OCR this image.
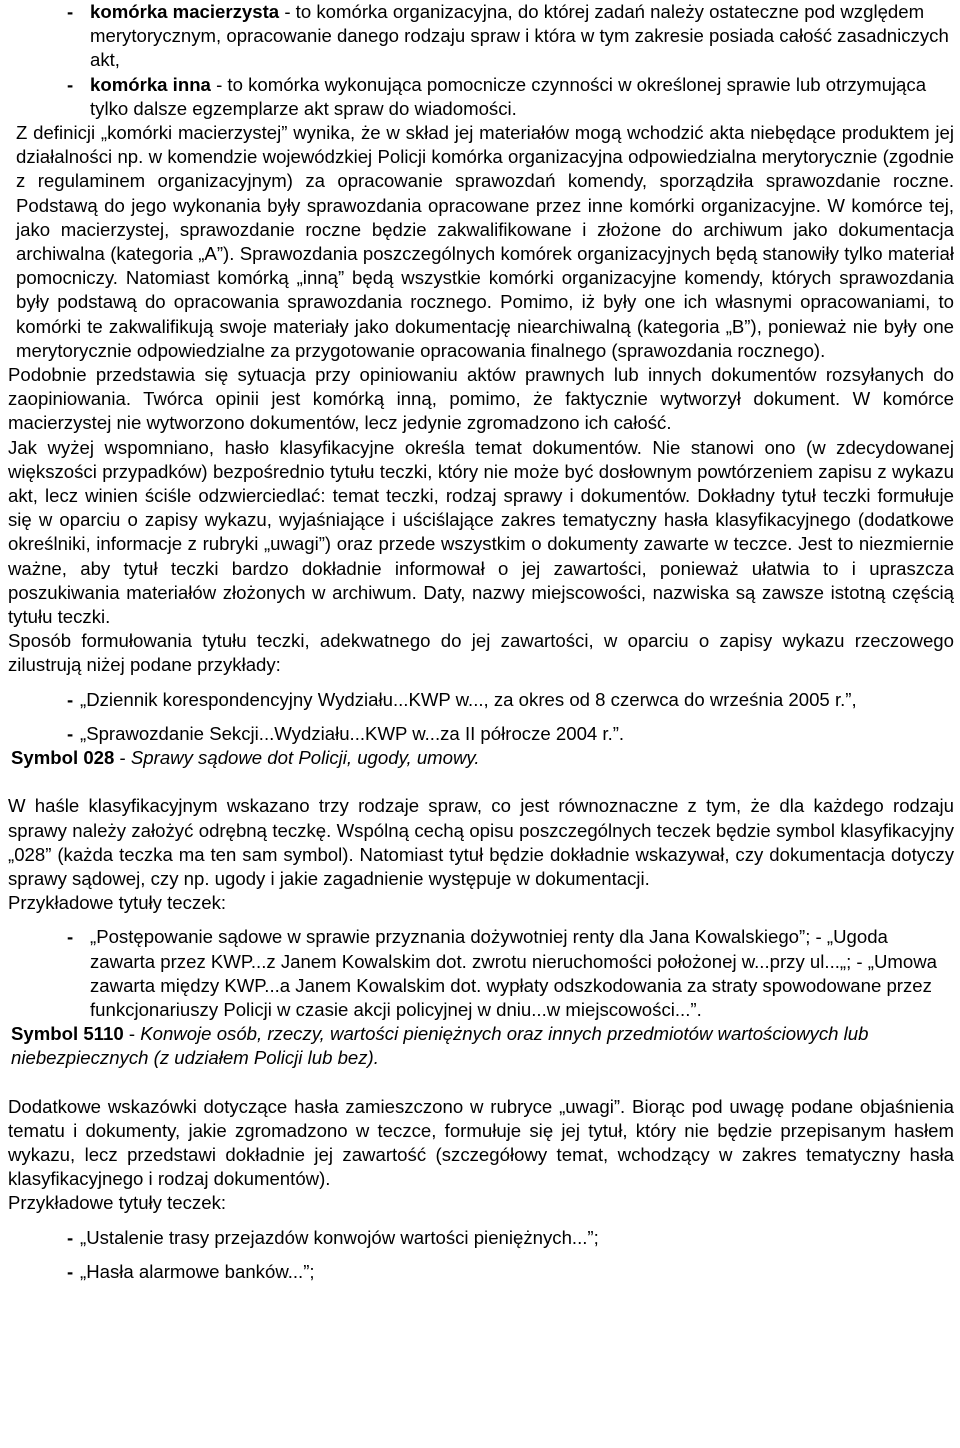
- komórka macierzysta - to komórka organizacyjna, do której zadań należy ostateczne pod względem merytorycznym, opracowanie danego rodzaju spraw i która w tym zakresie posiada całość zasadniczych akt,

- komórka inna - to komórka wykonująca pomocnicze czynności w określonej sprawie lub otrzymująca tylko dalsze egzemplarze akt spraw do wiadomości.

Z definicji „komórki macierzystej” wynika, że w skład jej materiałów mogą wchodzić akta niebędące produktem jej działalności np. w komendzie wojewódzkiej Policji komórka organizacyjna odpowiedzialna merytorycznie (zgodnie z regulaminem organizacyjnym) za opracowanie sprawozdań komendy, sporządziła sprawozdanie roczne. Podstawą do jego wykonania były sprawozdania opracowane przez inne komórki organizacyjne. W komórce tej, jako macierzystej, sprawozdanie roczne będzie zakwalifikowane i złożone do archiwum jako dokumentacja archiwalna (kategoria „A”). Sprawozdania poszczególnych komórek organizacyjnych będą stanowiły tylko materiał pomocniczy. Natomiast komórką „inną” będą wszystkie komórki organizacyjne komendy, których sprawozdania były podstawą do opracowania sprawozdania rocznego. Pomimo, iż były one ich własnymi opracowaniami, to komórki te zakwalifikują swoje materiały jako dokumentację niearchiwalną (kategoria „B”), ponieważ nie były one merytorycznie odpowiedzialne za przygotowanie opracowania finalnego (sprawozdania rocznego).

Podobnie przedstawia się sytuacja przy opiniowaniu aktów prawnych lub innych dokumentów rozsyłanych do zaopiniowania. Twórca opinii jest komórką inną, pomimo, że faktycznie wytworzył dokument. W komórce macierzystej nie wytworzono dokumentów, lecz jedynie zgromadzono ich całość.

Jak wyżej wspomniano, hasło klasyfikacyjne określa temat dokumentów. Nie stanowi ono (w zdecydowanej większości przypadków) bezpośrednio tytułu teczki, który nie może być dosłownym powtórzeniem zapisu z wykazu akt, lecz winien ściśle odzwierciedlać: temat teczki, rodzaj sprawy i dokumentów. Dokładny tytuł teczki formułuje się w oparciu o zapisy wykazu, wyjaśniające i uściślające zakres tematyczny hasła klasyfikacyjnego (dodatkowe określniki, informacje z rubryki „uwagi”) oraz przede wszystkim o dokumenty zawarte w teczce. Jest to niezmiernie ważne, aby tytuł teczki bardzo dokładnie informował o jej zawartości, ponieważ ułatwia to i upraszcza poszukiwania materiałów złożonych w archiwum. Daty, nazwy miejscowości, nazwiska są zawsze istotną częścią tytułu teczki.

Sposób formułowania tytułu teczki, adekwatnego do jej zawartości, w oparciu o zapisy wykazu rzeczowego zilustrują niżej podane przykłady:

- „Dziennik korespondencyjny Wydziału...KWP w..., za okres od 8 czerwca do września 2005 r.”,

- „Sprawozdanie Sekcji...Wydziału...KWP w...za II półrocze 2004 r.”.

Symbol 028 - Sprawy sądowe dot Policji, ugody, umowy.

W haśle klasyfikacyjnym wskazano trzy rodzaje spraw, co jest równoznaczne z tym, że dla każdego rodzaju sprawy należy założyć odrębną teczkę. Wspólną cechą opisu poszczególnych teczek będzie symbol klasyfikacyjny „028” (każda teczka ma ten sam symbol). Natomiast tytuł będzie dokładnie wskazywał, czy dokumentacja dotyczy sprawy sądowej, czy np. ugody i jakie zagadnienie występuje w dokumentacji.

Przykładowe tytuły teczek:

- „Postępowanie sądowe w sprawie przyznania dożywotniej renty dla Jana Kowalskiego”; - „Ugoda zawarta przez KWP...z Janem Kowalskim dot. zwrotu nieruchomości położonej w...przy ul...„; - „Umowa zawarta między KWP...a Janem Kowalskim dot. wypłaty odszkodowania za straty spowodowane przez funkcjonariuszy Policji w czasie akcji policyjnej w dniu...w miejscowości...”.

Symbol 5110 - Konwoje osób, rzeczy, wartości pieniężnych oraz innych przedmiotów wartościowych lub niebezpiecznych (z udziałem Policji lub bez).

Dodatkowe wskazówki dotyczące hasła zamieszczono w rubryce „uwagi”. Biorąc pod uwagę podane objaśnienia tematu i dokumenty, jakie zgromadzono w teczce, formułuje się jej tytuł, który nie będzie przepisanym hasłem wykazu, lecz przedstawi dokładnie jej zawartość (szczegółowy temat, wchodzący w zakres tematyczny hasła klasyfikacyjnego i rodzaj dokumentów).

Przykładowe tytuły teczek:

- „Ustalenie trasy przejazdów konwojów wartości pieniężnych...”;

- „Hasła alarmowe banków...”;
